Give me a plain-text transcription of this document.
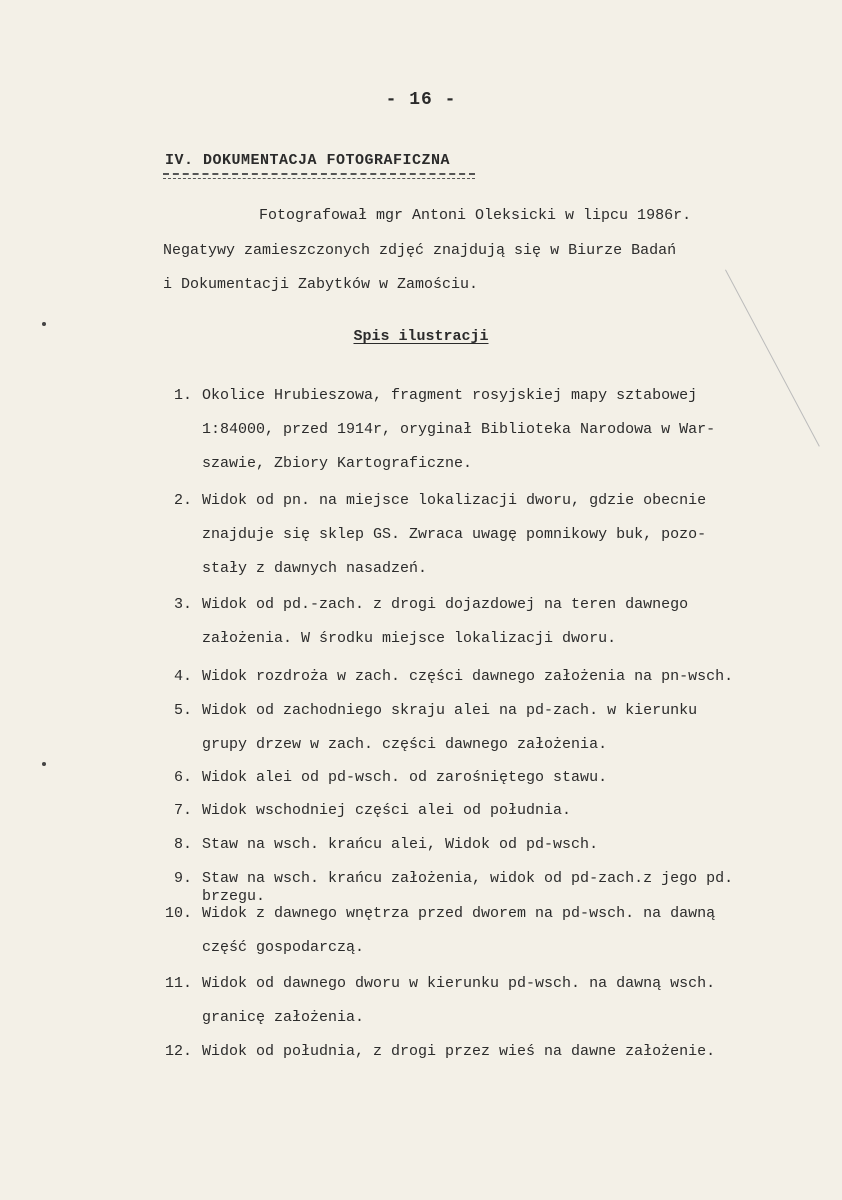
- 16 -
IV. DOKUMENTACJA FOTOGRAFICZNA
Fotografował mgr Antoni Oleksicki w lipcu 1986r.
Negatywy zamieszczonych zdjęć znajdują się w Biurze Badań
i Dokumentacji Zabytków w Zamościu.
Spis ilustracji
1. Okolice Hrubieszowa, fragment rosyjskiej mapy sztabowej
1:84000, przed 1914r, oryginał Biblioteka Narodowa w War-
szawie, Zbiory Kartograficzne.
2. Widok od pn. na miejsce lokalizacji dworu, gdzie obecnie
znajduje się sklep GS. Zwraca uwagę pomnikowy buk, pozo-
stały z dawnych nasadzeń.
3. Widok od pd.-zach. z drogi dojazdowej na teren dawnego
założenia. W środku miejsce lokalizacji dworu.
4. Widok rozdroża w zach. części dawnego założenia na pn-wsch.
5. Widok od zachodniego skraju alei na pd-zach. w kierunku
grupy drzew w zach. części dawnego założenia.
6. Widok alei od pd-wsch. od zarośniętego stawu.
7. Widok wschodniej części alei od południa.
8. Staw na wsch. krańcu alei, Widok od pd-wsch.
9. Staw na wsch. krańcu założenia, widok od pd-zach.z jego pd.
brzegu.
10. Widok z dawnego wnętrza przed dworem na pd-wsch. na dawną
część gospodarczą.
11. Widok od dawnego dworu w kierunku pd-wsch. na dawną wsch.
granicę założenia.
12. Widok od południa, z drogi przez wieś na dawne założenie.
